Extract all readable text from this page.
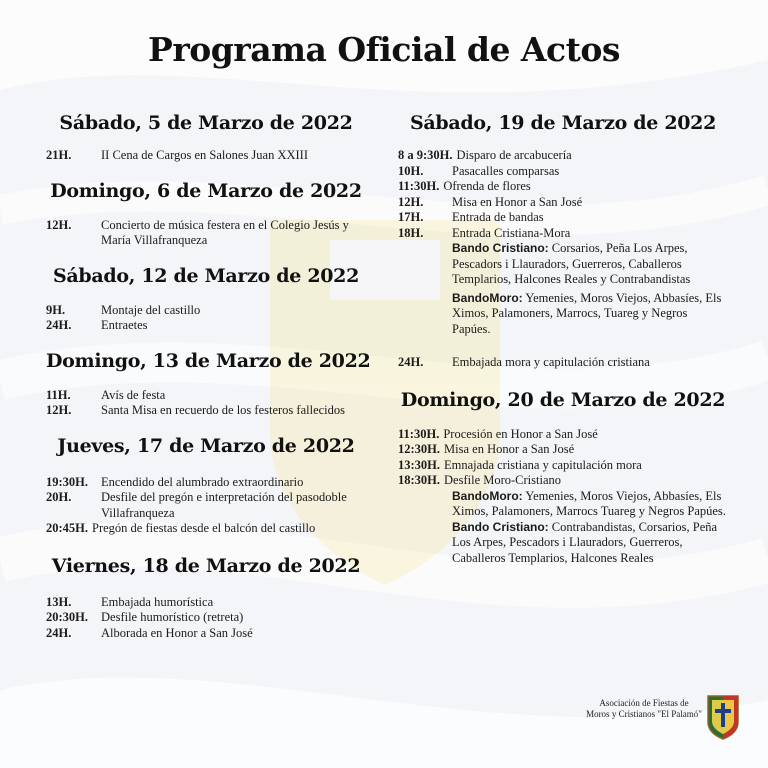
Programa Oficial de Actos
Sábado, 5 de Marzo de 2022
21H.	II Cena de Cargos en Salones Juan XXIII
Domingo, 6 de Marzo de 2022
12H.	Concierto de música festera en el Colegio Jesús y María Villafranqueza
Sábado, 12 de Marzo de 2022
9H.	Montaje del castillo
24H.	Entraetes
Domingo, 13 de Marzo de 2022
11H.	Avís de festa
12H.	Santa Misa en recuerdo de los festeros fallecidos
Jueves, 17 de Marzo de 2022
19:30H.	Encendido del alumbrado extraordinario
20H.	Desfile del pregón e interpretación del pasodoble Villafranqueza
20:45H. Pregón de fiestas desde el balcón del castillo
Viernes, 18 de Marzo de 2022
13H.	Embajada humorística
20:30H.	Desfile humorístico (retreta)
24H.	Alborada en Honor a San José
Sábado, 19 de Marzo de 2022
8 a 9:30H. Disparo de arcabucería
10H.	Pasacalles comparsas
11:30H. Ofrenda de flores
12H.	Misa en Honor a San José
17H.	Entrada de bandas
18H.	Entrada Cristiana-Mora
Bando Cristiano: Corsarios, Peña Los Arpes, Pescadors i Llauradors, Guerreros, Caballeros Templarios, Halcones Reales y Contrabandistas
BandoMoro: Yemenies, Moros Viejos, Abbasíes, Els Ximos, Palamoners, Marrocs, Tuareg y Negros Papúes.
24H.	Embajada mora y capitulación cristiana
Domingo, 20 de Marzo de 2022
11:30H. Procesión en Honor a San José
12:30H. Misa en Honor a San José
13:30H. Emnajada cristiana y capitulación mora
18:30H. Desfile Moro-Cristiano
BandoMoro: Yemenies, Moros Viejos, Abbasíes, Els Ximos, Palamoners, Marrocs Tuareg y Negros Papúes.
Bando Cristiano: Contrabandistas, Corsarios, Peña Los Arpes, Pescadors i Llauradors, Guerreros, Caballeros Templarios, Halcones Reales
Asociación de Fiestas de
Moros y Cristianos "El Palamó"
